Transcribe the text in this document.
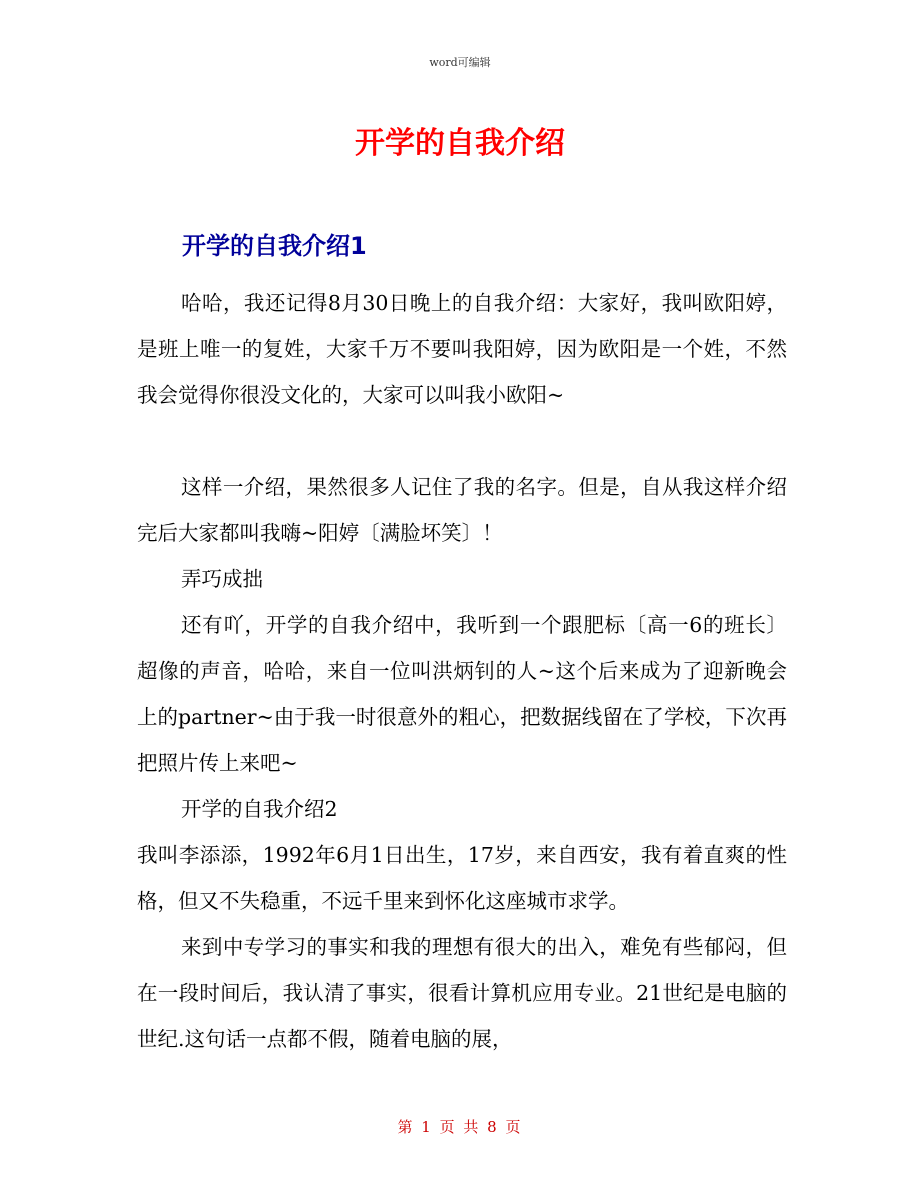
word可编辑
开学的自我介绍
开学的自我介绍1

哈哈，我还记得8月30日晚上的自我介绍：大家好，我叫欧阳婷，是班上唯一的复姓，大家千万不要叫我阳婷，因为欧阳是一个姓，不然我会觉得你很没文化的，大家可以叫我小欧阳~

这样一介绍，果然很多人记住了我的名字。但是，自从我这样介绍完后大家都叫我嗨~阳婷〔满脸坏笑〕！

弄巧成拙

还有吖，开学的自我介绍中，我听到一个跟肥标〔高一6的班长〕超像的声音，哈哈，来自一位叫洪炳钊的人~这个后来成为了迎新晚会上的partner~由于我一时很意外的粗心，把数据线留在了学校，下次再把照片传上来吧~

开学的自我介绍2

我叫李添添，1992年6月1日出生，17岁，来自西安，我有着直爽的性格，但又不失稳重，不远千里来到怀化这座城市求学。

来到中专学习的事实和我的理想有很大的出入，难免有些郁闷，但在一段时间后，我认清了事实，很看计算机应用专业。21世纪是电脑的世纪.这句话一点都不假，随着电脑的展，

第 1 页 共 8 页
